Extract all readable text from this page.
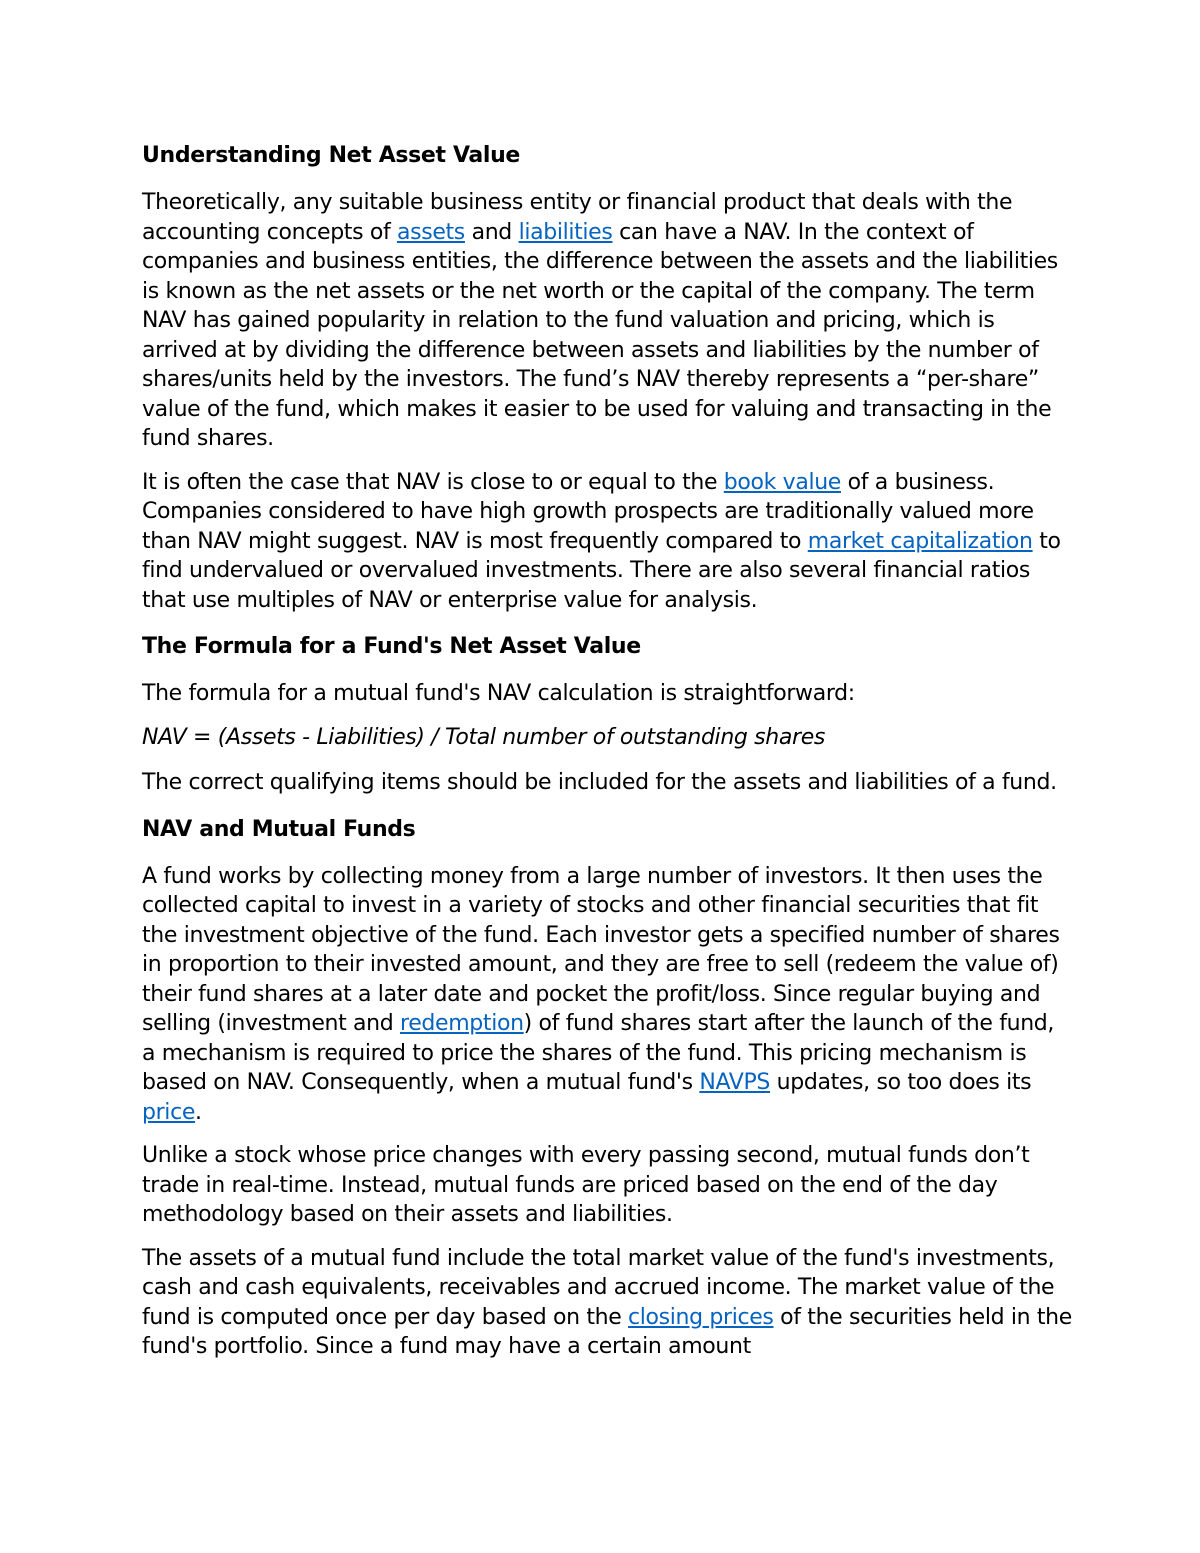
Understanding Net Asset Value

Theoretically, any suitable business entity or financial product that deals with the accounting concepts of assets and liabilities can have a NAV. In the context of companies and business entities, the difference between the assets and the liabilities is known as the net assets or the net worth or the capital of the company. The term NAV has gained popularity in relation to the fund valuation and pricing, which is arrived at by dividing the difference between assets and liabilities by the number of shares/units held by the investors. The fund’s NAV thereby represents a “per-share” value of the fund, which makes it easier to be used for valuing and transacting in the fund shares.

It is often the case that NAV is close to or equal to the book value of a business. Companies considered to have high growth prospects are traditionally valued more than NAV might suggest. NAV is most frequently compared to market capitalization to find undervalued or overvalued investments. There are also several financial ratios that use multiples of NAV or enterprise value for analysis.

The Formula for a Fund's Net Asset Value

The formula for a mutual fund's NAV calculation is straightforward:

NAV = (Assets - Liabilities) / Total number of outstanding shares

The correct qualifying items should be included for the assets and liabilities of a fund.

NAV and Mutual Funds

A fund works by collecting money from a large number of investors. It then uses the collected capital to invest in a variety of stocks and other financial securities that fit the investment objective of the fund. Each investor gets a specified number of shares in proportion to their invested amount, and they are free to sell (redeem the value of) their fund shares at a later date and pocket the profit/loss. Since regular buying and selling (investment and redemption) of fund shares start after the launch of the fund, a mechanism is required to price the shares of the fund. This pricing mechanism is based on NAV. Consequently, when a mutual fund's NAVPS updates, so too does its price.

Unlike a stock whose price changes with every passing second, mutual funds don’t trade in real-time. Instead, mutual funds are priced based on the end of the day methodology based on their assets and liabilities.

The assets of a mutual fund include the total market value of the fund's investments, cash and cash equivalents, receivables and accrued income. The market value of the fund is computed once per day based on the closing prices of the securities held in the fund's portfolio. Since a fund may have a certain amount
